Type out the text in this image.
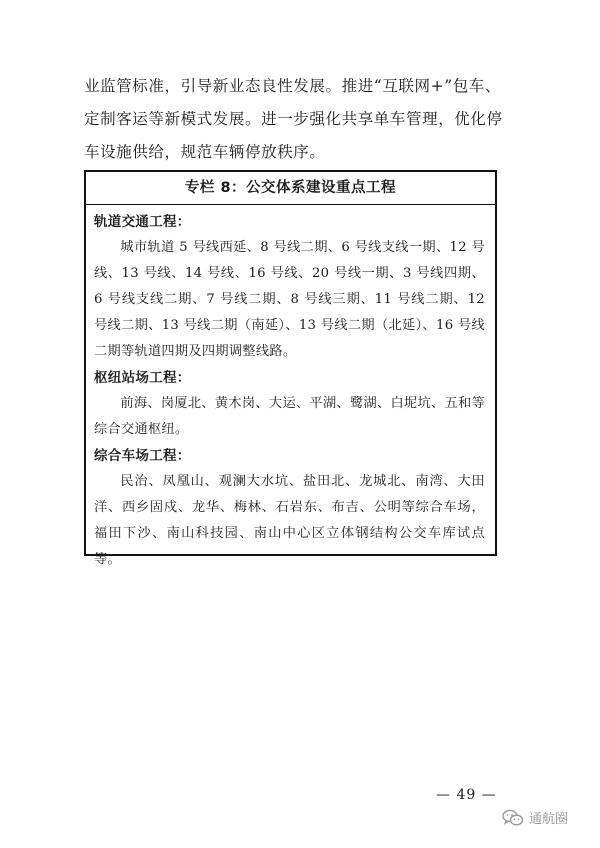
业监管标准，引导新业态良性发展。推进“互联网+”包车、

定制客运等新模式发展。进一步强化共享单车管理，优化停

车设施供给，规范车辆停放秩序。

专栏 8：公交体系建设重点工程

轨道交通工程：

城市轨道 5 号线西延、8 号线二期、6 号线支线一期、12 号线、13 号线、14 号线、16 号线、20 号线一期、3 号线四期、6 号线支线二期、7 号线二期、8 号线三期、11 号线二期、12 号线二期、13 号线二期（南延）、13 号线二期（北延）、16 号线二期等轨道四期及四期调整线路。

枢纽站场工程：

前海、岗厦北、黄木岗、大运、平湖、鹭湖、白坭坑、五和等综合交通枢纽。

综合车场工程：

民治、凤凰山、观澜大水坑、盐田北、龙城北、南湾、大田洋、西乡固戍、龙华、梅林、石岩东、布吉、公明等综合车场，福田下沙、南山科技园、南山中心区立体钢结构公交车库试点等。

— 49 —
通航圈
